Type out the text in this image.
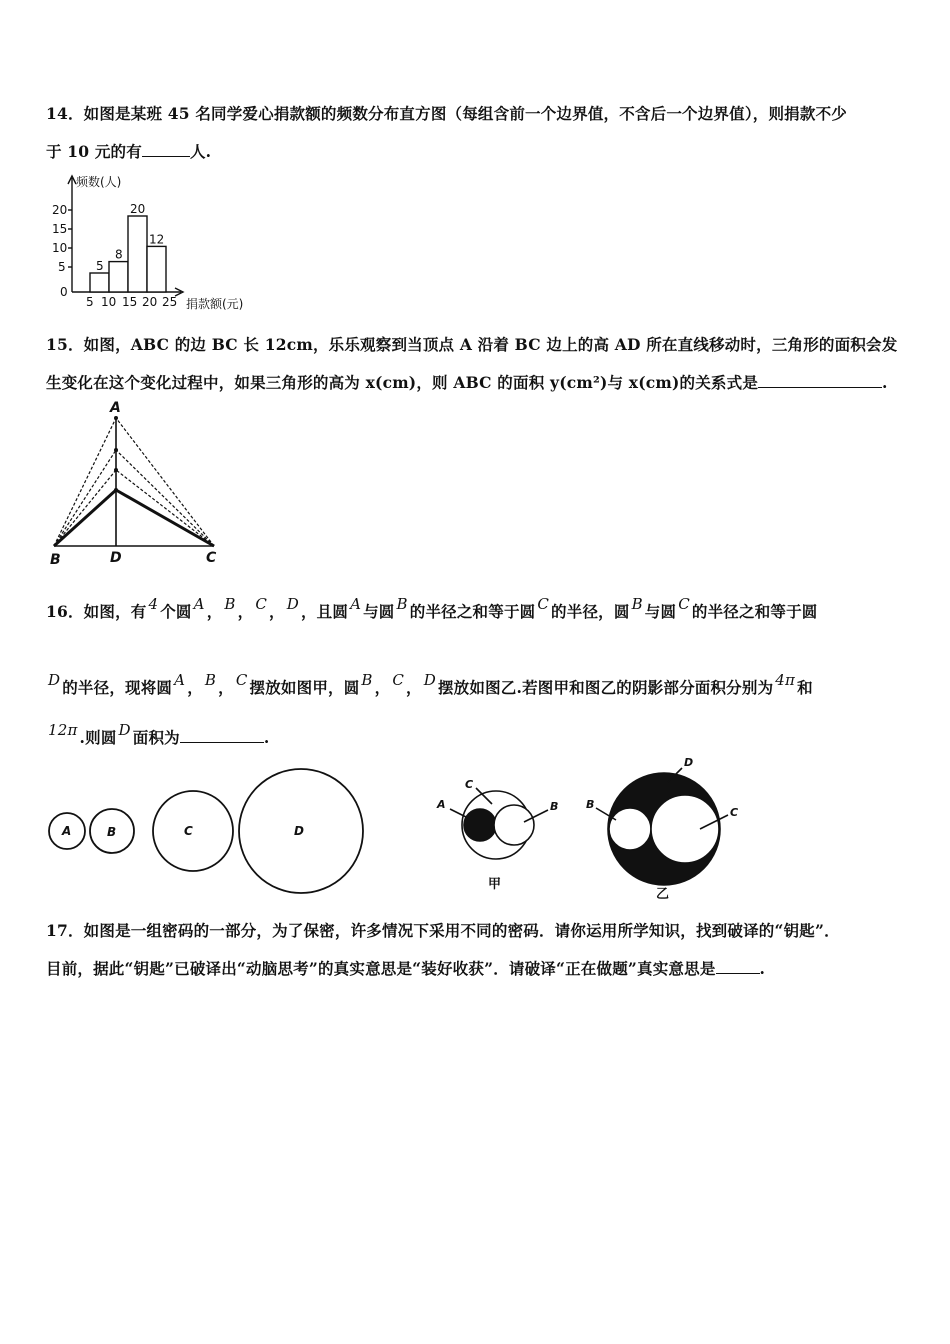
14．如图是某班 45 名同学爱心捐款额的频数分布直方图（每组含前一个边界值，不含后一个边界值），则捐款不少
于 10 元的有	人.
频数(人)
20
15
10
5
0
5 10 15 20 25 捐款额(元)
5
8
20
12
15．如图，ABC 的边 BC 长 12cm，乐乐观察到当顶点 A 沿着 BC 边上的高 AD 所在直线移动时，三角形的面积会发
生变化在这个变化过程中，如果三角形的高为 x(cm)，则 ABC 的面积 y(cm²)与 x(cm)的关系式是	.
A
B	D	C
16．如图，有 4 个圆 A ， B ， C ， D ，且圆 A 与圆 B 的半径之和等于圆 C 的半径，圆 B 与圆 C 的半径之和等于圆
D 的半径，现将圆 A ， B ， C 摆放如图甲，圆 B ， C ， D 摆放如图乙.若图甲和图乙的阴影部分面积分别为 4π 和
12π .则圆 D 面积为	.
A	B	C	D
A
C
B
甲
B
D
C
乙
17．如图是一组密码的一部分，为了保密，许多情况下采用不同的密码．请你运用所学知识，找到破译的“钥匙”．
目前，据此“钥匙”已破译出“动脑思考”的真实意思是“装好收获”．请破译“正在做题”真实意思是	.
